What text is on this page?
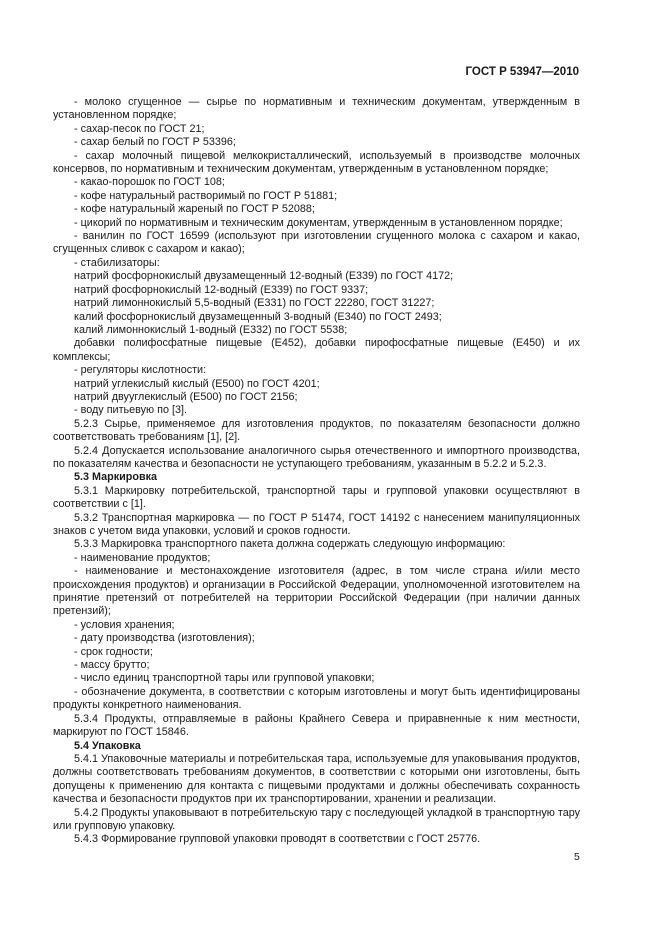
ГОСТ Р 53947—2010

- молоко сгущенное — сырье по нормативным и техническим документам, утвержденным в установленном порядке;

- сахар-песок по ГОСТ 21;

- сахар белый по ГОСТ Р 53396;

- сахар молочный пищевой мелкокристаллический, используемый в производстве молочных консервов, по нормативным и техническим документам, утвержденным в установленном порядке;

- какао-порошок по ГОСТ 108;

- кофе натуральный растворимый по ГОСТ Р 51881;

- кофе натуральный жареный по ГОСТ Р 52088;

- цикорий по нормативным и техническим документам, утвержденным в установленном порядке;

- ванилин по ГОСТ 16599 (используют при изготовлении сгущенного молока с сахаром и какао, сгущенных сливок с сахаром и какао);

- стабилизаторы:

натрий фосфорнокислый двузамещенный 12-водный (Е339) по ГОСТ 4172;

натрий фосфорнокислый 12-водный (Е339) по ГОСТ 9337;

натрий лимоннокислый 5,5-водный (Е331) по ГОСТ 22280, ГОСТ 31227;

калий фосфорнокислый двузамещенный 3-водный (Е340) по ГОСТ 2493;

калий лимоннокислый 1-водный (Е332) по ГОСТ 5538;

добавки полифосфатные пищевые (Е452), добавки пирофосфатные пищевые (Е450) и их комплексы;

- регуляторы кислотности:

натрий углекислый кислый (Е500) по ГОСТ 4201;

натрий двууглекислый (Е500) по ГОСТ 2156;

- воду питьевую по [3].

5.2.3 Сырье, применяемое для изготовления продуктов, по показателям безопасности должно соответствовать требованиям [1], [2].

5.2.4 Допускается использование аналогичного сырья отечественного и импортного производства, по показателям качества и безопасности не уступающего требованиям, указанным в 5.2.2 и 5.2.3.

5.3 Маркировка

5.3.1 Маркировку потребительской, транспортной тары и групповой упаковки осуществляют в соответствии с [1].

5.3.2 Транспортная маркировка — по ГОСТ Р 51474, ГОСТ 14192 с нанесением манипуляционных знаков с учетом вида упаковки, условий и сроков годности.

5.3.3 Маркировка транспортного пакета должна содержать следующую информацию:

- наименование продуктов;

- наименование и местонахождение изготовителя (адрес, в том числе страна и/или место происхождения продуктов) и организации в Российской Федерации, уполномоченной изготовителем на принятие претензий от потребителей на территории Российской Федерации (при наличии данных претензий);

- условия хранения;

- дату производства (изготовления);

- срок годности;

- массу брутто;

- число единиц транспортной тары или групповой упаковки;

- обозначение документа, в соответствии с которым изготовлены и могут быть идентифицированы продукты конкретного наименования.

5.3.4 Продукты, отправляемые в районы Крайнего Севера и приравненные к ним местности, маркируют по ГОСТ 15846.

5.4 Упаковка

5.4.1 Упаковочные материалы и потребительская тара, используемые для упаковывания продуктов, должны соответствовать требованиям документов, в соответствии с которыми они изготовлены, быть допущены к применению для контакта с пищевыми продуктами и должны обеспечивать сохранность качества и безопасности продуктов при их транспортировании, хранении и реализации.

5.4.2 Продукты упаковывают в потребительскую тару с последующей укладкой в транспортную тару или групповую упаковку.

5.4.3 Формирование групповой упаковки проводят в соответствии с ГОСТ 25776.

5
